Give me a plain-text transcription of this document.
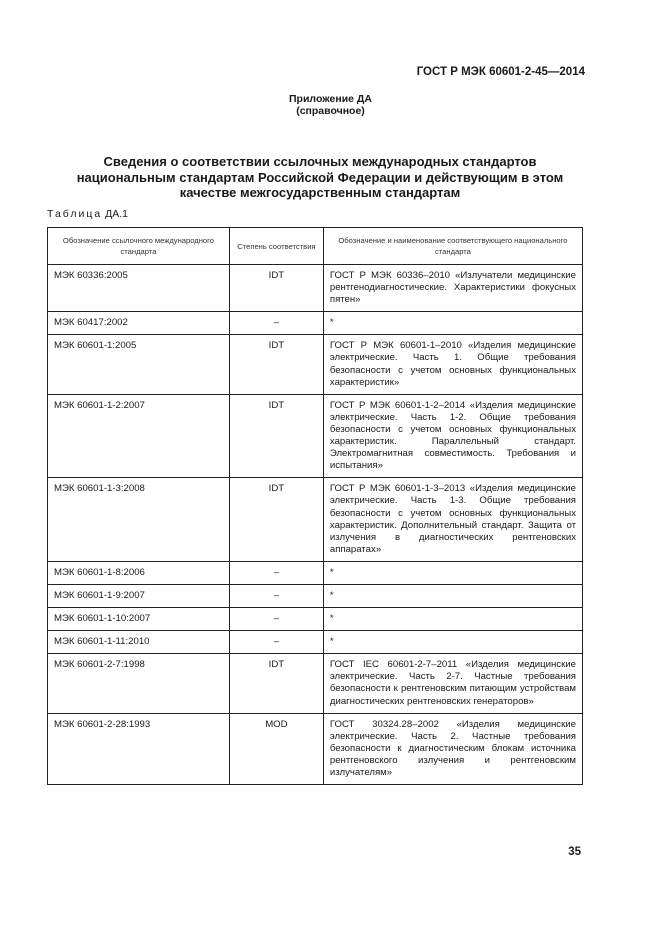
ГОСТ Р МЭК 60601-2-45—2014
Приложение ДА
(справочное)
Сведения о соответствии ссылочных международных стандартов национальным стандартам Российской Федерации и действующим в этом качестве межгосударственным стандартам
Таблица ДА.1
Обозначение ссылочного международного стандарта	Степень соответствия	Обозначение и наименование соответствующего национального стандарта
МЭК 60336:2005	IDT	ГОСТ Р МЭК 60336–2010 «Излучатели медицинские рентгенодиагностические. Характеристики фокусных пятен»
МЭК 60417:2002	–	*
МЭК 60601-1:2005	IDT	ГОСТ Р МЭК 60601-1–2010 «Изделия медицинские электрические. Часть 1. Общие требования безопасности с учетом основных функциональных характеристик»
МЭК 60601-1-2:2007	IDT	ГОСТ Р МЭК 60601-1-2–2014 «Изделия медицинские электрические. Часть 1-2. Общие требования безопасности с учетом основных функциональных характеристик. Параллельный стандарт. Электромагнитная совместимость. Требования и испытания»
МЭК 60601-1-3:2008	IDT	ГОСТ Р МЭК 60601-1-3–2013 «Изделия медицинские электрические. Часть 1-3. Общие требования безопасности с учетом основных функциональных характеристик. Дополнительный стандарт. Защита от излучения в диагностических рентгеновских аппаратах»
МЭК 60601-1-8:2006	–	*
МЭК 60601-1-9:2007	–	*
МЭК 60601-1-10:2007	–	*
МЭК 60601-1-11:2010	–	*
МЭК 60601-2-7:1998	IDT	ГОСТ IEC 60601-2-7–2011 «Изделия медицинские электрические. Часть 2-7. Частные требования безопасности к рентгеновским питающим устройствам диагностических рентгеновских генераторов»
МЭК 60601-2-28:1993	MOD	ГОСТ 30324.28–2002 «Изделия медицинские электрические. Часть 2. Частные требования безопасности к диагностическим блокам источника рентгеновского излучения и рентгеновским излучателям»
35
